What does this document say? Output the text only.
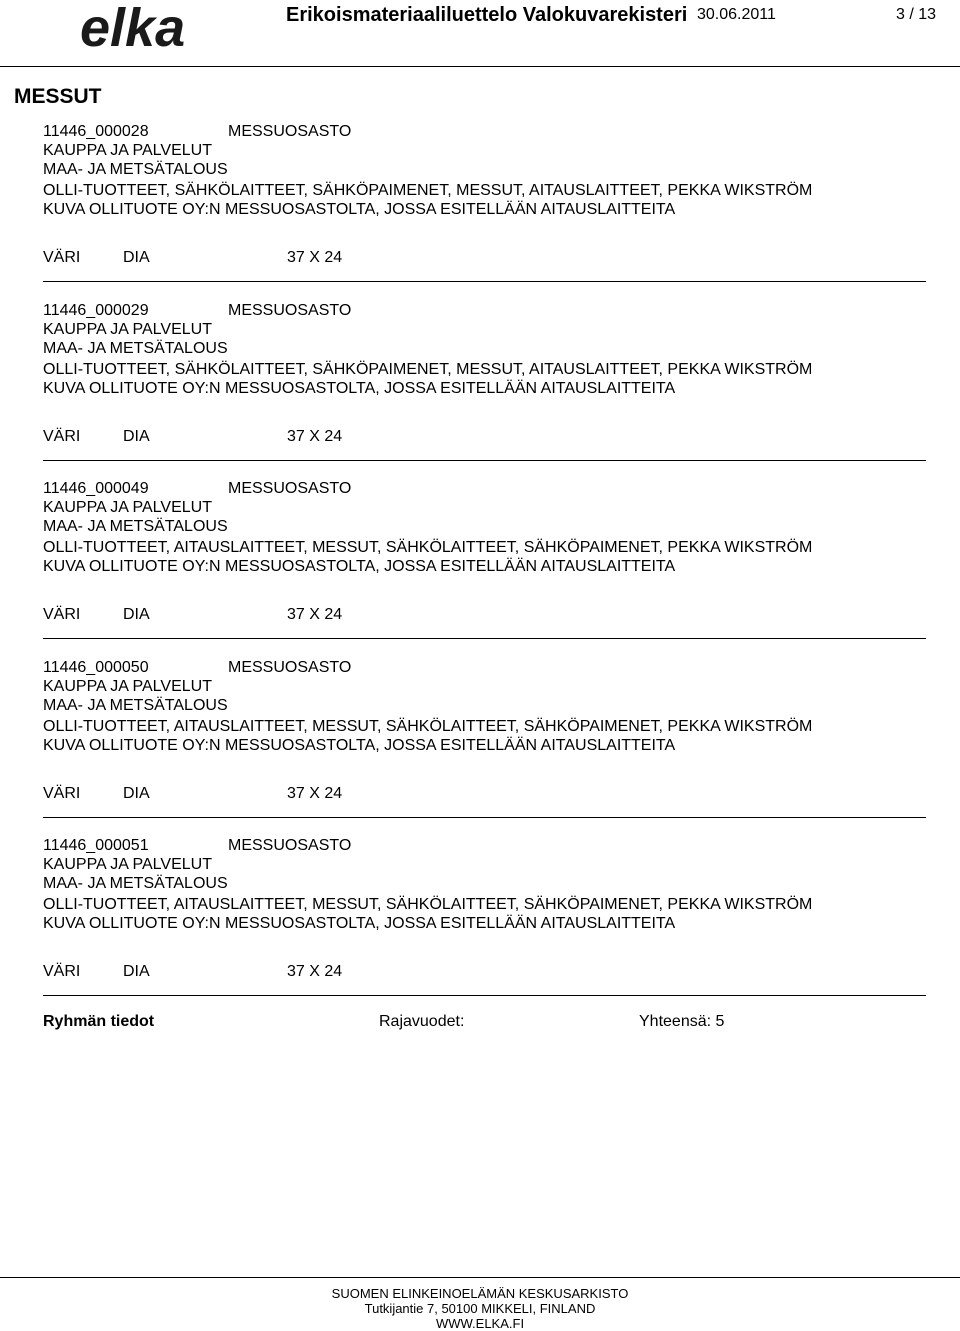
elka	Erikoismateriaaliluettelo Valokuvarekisteri 30.06.2011	3 / 13
MESSUT
11446_000028	MESSUOSASTO
KAUPPA JA PALVELUT
MAA- JA METSÄTALOUS
OLLI-TUOTTEET, SÄHKÖLAITTEET, SÄHKÖPAIMENET, MESSUT, AITAUSLAITTEET, PEKKA WIKSTRÖM
KUVA OLLITUOTE OY:N MESSUOSASTOLTA, JOSSA ESITELLÄÄN AITAUSLAITTEITA
VÄRI	DIA	37 X 24
11446_000029	MESSUOSASTO
KAUPPA JA PALVELUT
MAA- JA METSÄTALOUS
OLLI-TUOTTEET, SÄHKÖLAITTEET, SÄHKÖPAIMENET, MESSUT, AITAUSLAITTEET, PEKKA WIKSTRÖM
KUVA OLLITUOTE OY:N MESSUOSASTOLTA, JOSSA ESITELLÄÄN AITAUSLAITTEITA
VÄRI	DIA	37 X 24
11446_000049	MESSUOSASTO
KAUPPA JA PALVELUT
MAA- JA METSÄTALOUS
OLLI-TUOTTEET, AITAUSLAITTEET, MESSUT, SÄHKÖLAITTEET, SÄHKÖPAIMENET, PEKKA WIKSTRÖM
KUVA OLLITUOTE OY:N MESSUOSASTOLTA, JOSSA ESITELLÄÄN AITAUSLAITTEITA
VÄRI	DIA	37 X 24
11446_000050	MESSUOSASTO
KAUPPA JA PALVELUT
MAA- JA METSÄTALOUS
OLLI-TUOTTEET, AITAUSLAITTEET, MESSUT, SÄHKÖLAITTEET, SÄHKÖPAIMENET, PEKKA WIKSTRÖM
KUVA OLLITUOTE OY:N MESSUOSASTOLTA, JOSSA ESITELLÄÄN AITAUSLAITTEITA
VÄRI	DIA	37 X 24
11446_000051	MESSUOSASTO
KAUPPA JA PALVELUT
MAA- JA METSÄTALOUS
OLLI-TUOTTEET, AITAUSLAITTEET, MESSUT, SÄHKÖLAITTEET, SÄHKÖPAIMENET, PEKKA WIKSTRÖM
KUVA OLLITUOTE OY:N MESSUOSASTOLTA, JOSSA ESITELLÄÄN AITAUSLAITTEITA
VÄRI	DIA	37 X 24
Ryhmän tiedot	Rajavuodet:	Yhteensä: 5
SUOMEN ELINKEINOELÄMÄN KESKUSARKISTO
Tutkijantie 7, 50100 MIKKELI, FINLAND
WWW.ELKA.FI
